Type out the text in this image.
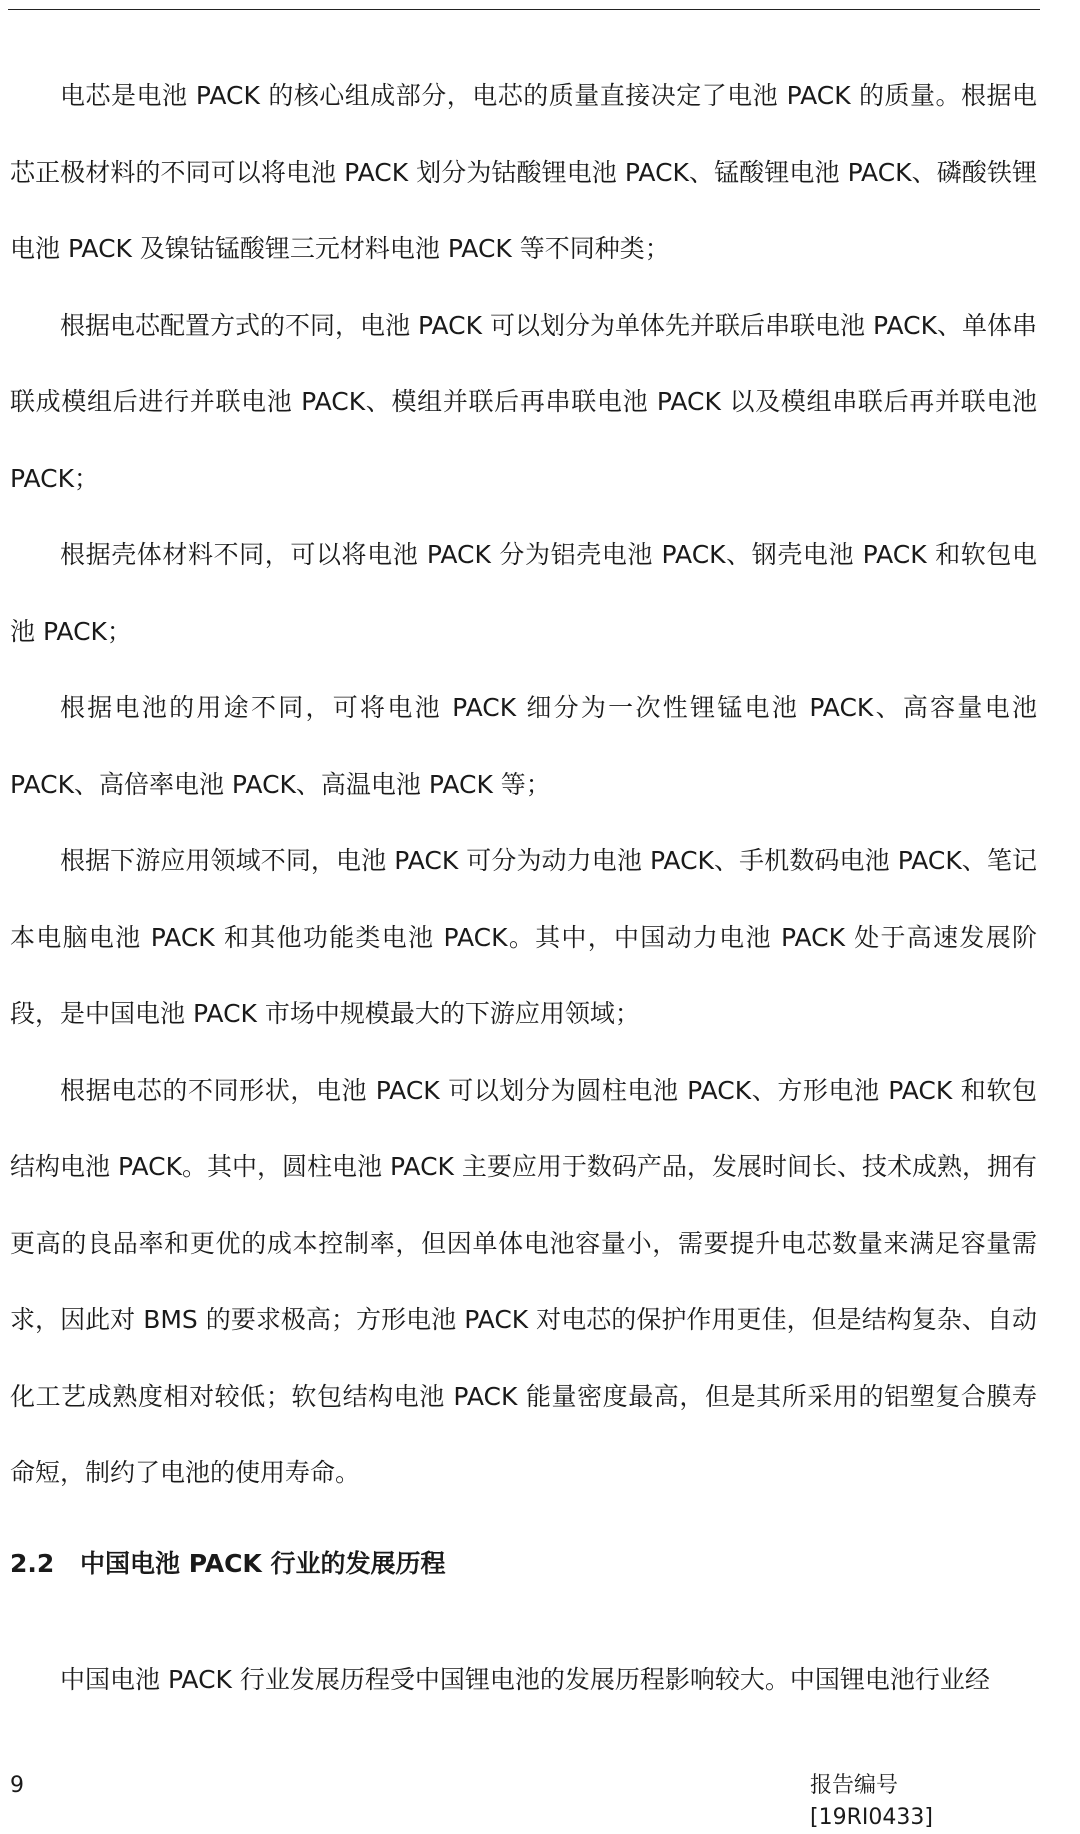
电芯是电池 PACK 的核心组成部分，电芯的质量直接决定了电池 PACK 的质量。根据电芯正极材料的不同可以将电池 PACK 划分为钴酸锂电池 PACK、锰酸锂电池 PACK、磷酸铁锂电池 PACK 及镍钴锰酸锂三元材料电池 PACK 等不同种类；

根据电芯配置方式的不同，电池 PACK 可以划分为单体先并联后串联电池 PACK、单体串联成模组后进行并联电池 PACK、模组并联后再串联电池 PACK 以及模组串联后再并联电池 PACK；

根据壳体材料不同，可以将电池 PACK 分为铝壳电池 PACK、钢壳电池 PACK 和软包电池 PACK；

根据电池的用途不同，可将电池 PACK 细分为一次性锂锰电池 PACK、高容量电池 PACK、高倍率电池 PACK、高温电池 PACK 等；

根据下游应用领域不同，电池 PACK 可分为动力电池 PACK、手机数码电池 PACK、笔记本电脑电池 PACK 和其他功能类电池 PACK。其中，中国动力电池 PACK 处于高速发展阶段，是中国电池 PACK 市场中规模最大的下游应用领域；

根据电芯的不同形状，电池 PACK 可以划分为圆柱电池 PACK、方形电池 PACK 和软包结构电池 PACK。其中，圆柱电池 PACK 主要应用于数码产品，发展时间长、技术成熟，拥有更高的良品率和更优的成本控制率，但因单体电池容量小，需要提升电芯数量来满足容量需求，因此对 BMS 的要求极高；方形电池 PACK 对电芯的保护作用更佳，但是结构复杂、自动化工艺成熟度相对较低；软包结构电池 PACK 能量密度最高，但是其所采用的铝塑复合膜寿命短，制约了电池的使用寿命。

2.2 中国电池 PACK 行业的发展历程

中国电池 PACK 行业发展历程受中国锂电池的发展历程影响较大。中国锂电池行业经

9	报告编号[19RI0433]
